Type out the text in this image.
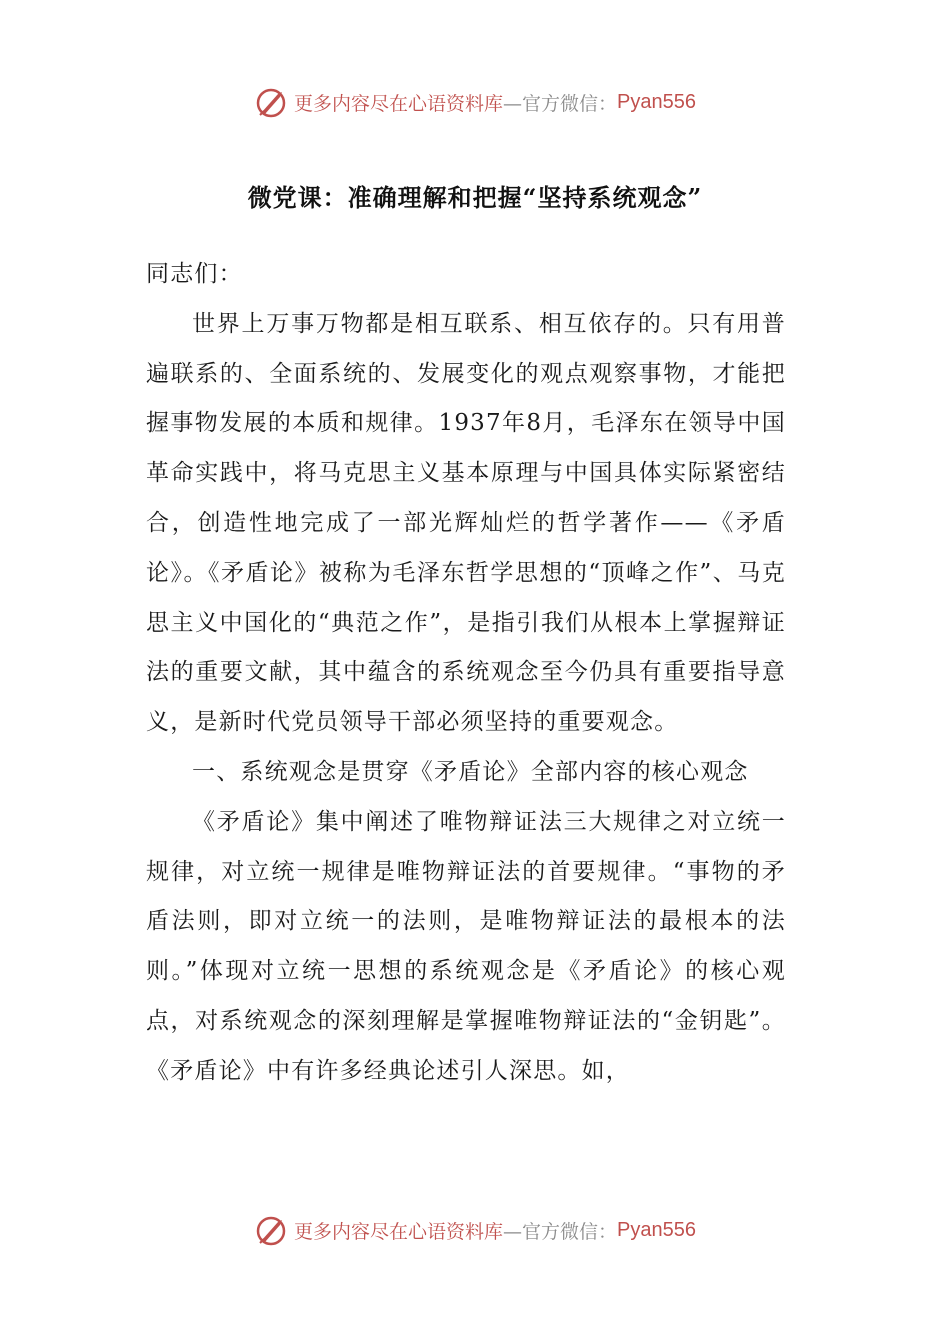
更多内容尽在心语资料库 —官方微信： Pyan556
微党课：准确理解和把握“坚持系统观念”

同志们：

世界上万事万物都是相互联系、相互依存的。只有用普遍联系的、全面系统的、发展变化的观点观察事物，才能把握事物发展的本质和规律。1937年8月，毛泽东在领导中国革命实践中，将马克思主义基本原理与中国具体实际紧密结合，创造性地完成了一部光辉灿烂的哲学著作——《矛盾论》。《矛盾论》被称为毛泽东哲学思想的“顶峰之作”、马克思主义中国化的“典范之作”，是指引我们从根本上掌握辩证法的重要文献，其中蕴含的系统观念至今仍具有重要指导意义，是新时代党员领导干部必须坚持的重要观念。

一、系统观念是贯穿《矛盾论》全部内容的核心观念

《矛盾论》集中阐述了唯物辩证法三大规律之对立统一规律，对立统一规律是唯物辩证法的首要规律。“事物的矛盾法则，即对立统一的法则，是唯物辩证法的最根本的法则。”体现对立统一思想的系统观念是《矛盾论》的核心观点，对系统观念的深刻理解是掌握唯物辩证法的“金钥匙”。《矛盾论》中有许多经典论述引人深思。如，

更多内容尽在心语资料库 —官方微信： Pyan556
